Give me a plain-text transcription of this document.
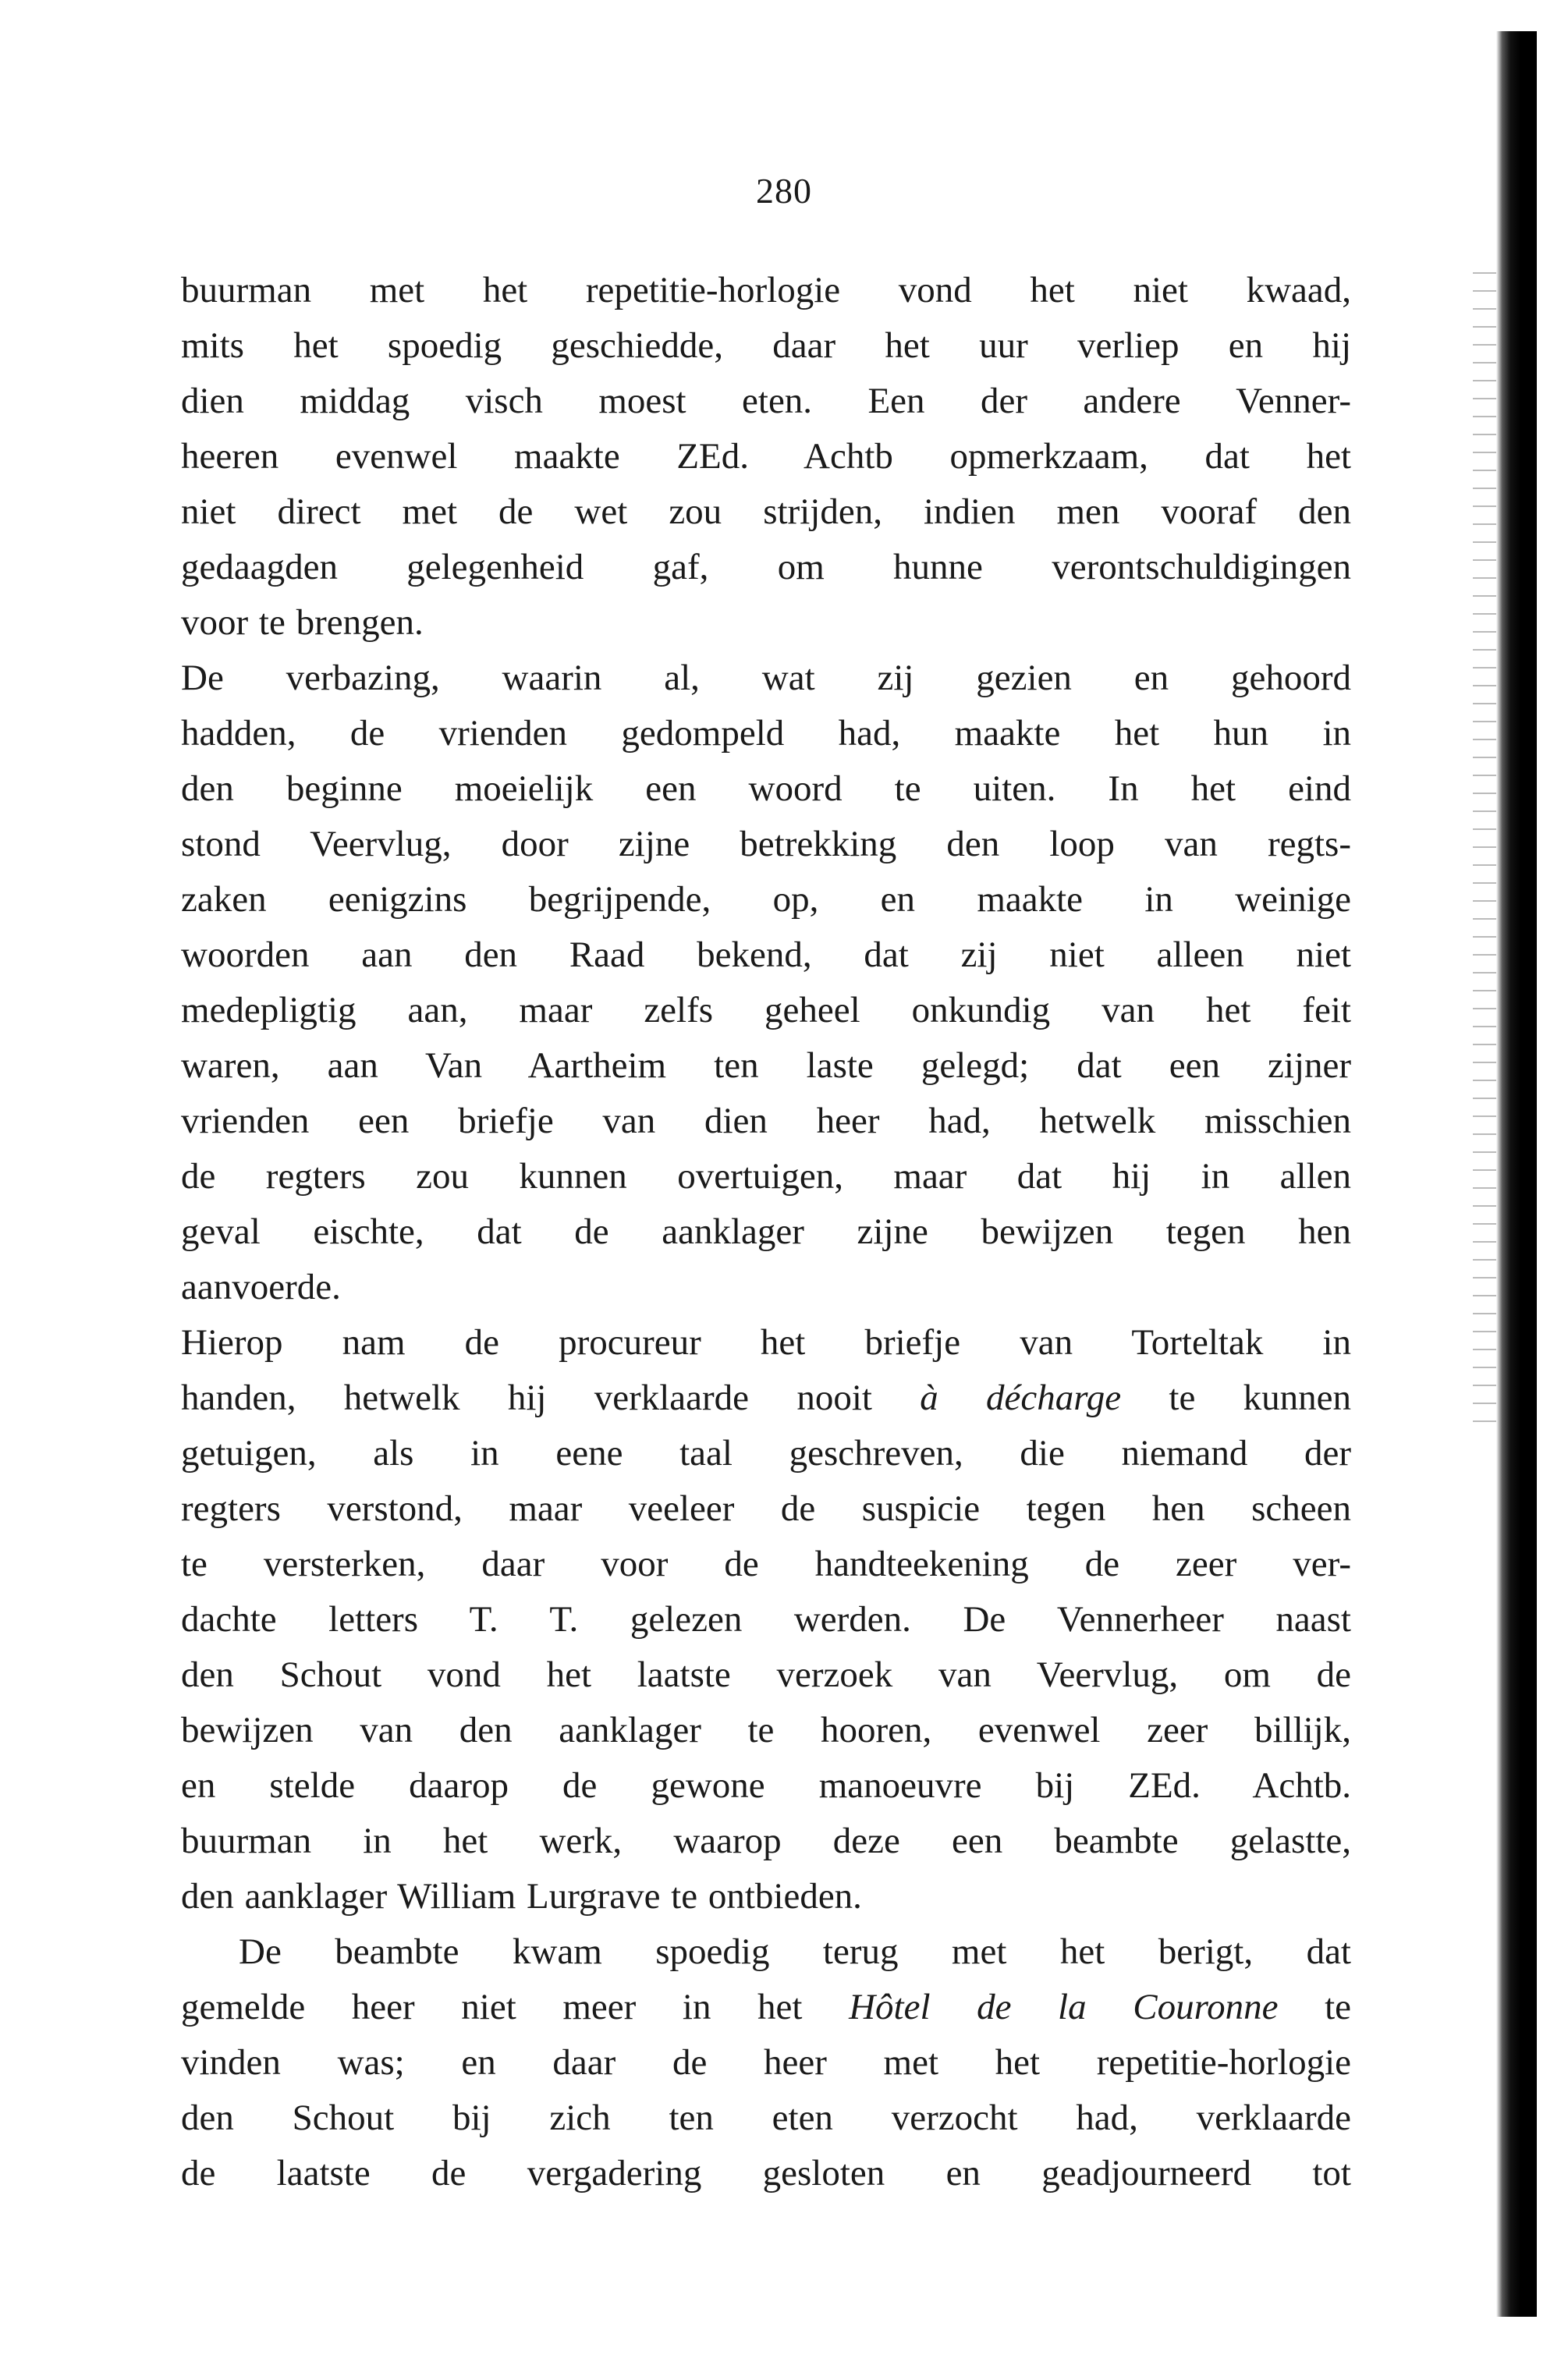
280
buurman met het repetitie-horlogie vond het niet kwaad,
mits het spoedig geschiedde, daar het uur verliep en hij
dien middag visch moest eten. Een der andere Venner-
heeren evenwel maakte ZEd. Achtb opmerkzaam, dat het
niet direct met de wet zou strijden, indien men vooraf den
gedaagden gelegenheid gaf, om hunne verontschuldigingen
voor te brengen.
De verbazing, waarin al, wat zij gezien en gehoord
hadden, de vrienden gedompeld had, maakte het hun in
den beginne moeielijk een woord te uiten. In het eind
stond Veervlug, door zijne betrekking den loop van regts-
zaken eenigzins begrijpende, op, en maakte in weinige
woorden aan den Raad bekend, dat zij niet alleen niet
medepligtig aan, maar zelfs geheel onkundig van het feit
waren, aan Van Aartheim ten laste gelegd; dat een zijner
vrienden een briefje van dien heer had, hetwelk misschien
de regters zou kunnen overtuigen, maar dat hij in allen
geval eischte, dat de aanklager zijne bewijzen tegen hen
aanvoerde.
Hierop nam de procureur het briefje van Torteltak in
handen, hetwelk hij verklaarde nooit à décharge te kunnen
getuigen, als in eene taal geschreven, die niemand der
regters verstond, maar veeleer de suspicie tegen hen scheen
te versterken, daar voor de handteekening de zeer ver-
dachte letters T. T. gelezen werden. De Vennerheer naast
den Schout vond het laatste verzoek van Veervlug, om de
bewijzen van den aanklager te hooren, evenwel zeer billijk,
en stelde daarop de gewone manoeuvre bij ZEd. Achtb.
buurman in het werk, waarop deze een beambte gelastte,
den aanklager William Lurgrave te ontbieden.
De beambte kwam spoedig terug met het berigt, dat
gemelde heer niet meer in het Hôtel de la Couronne te
vinden was; en daar de heer met het repetitie-horlogie
den Schout bij zich ten eten verzocht had, verklaarde
de laatste de vergadering gesloten en geadjourneerd tot
